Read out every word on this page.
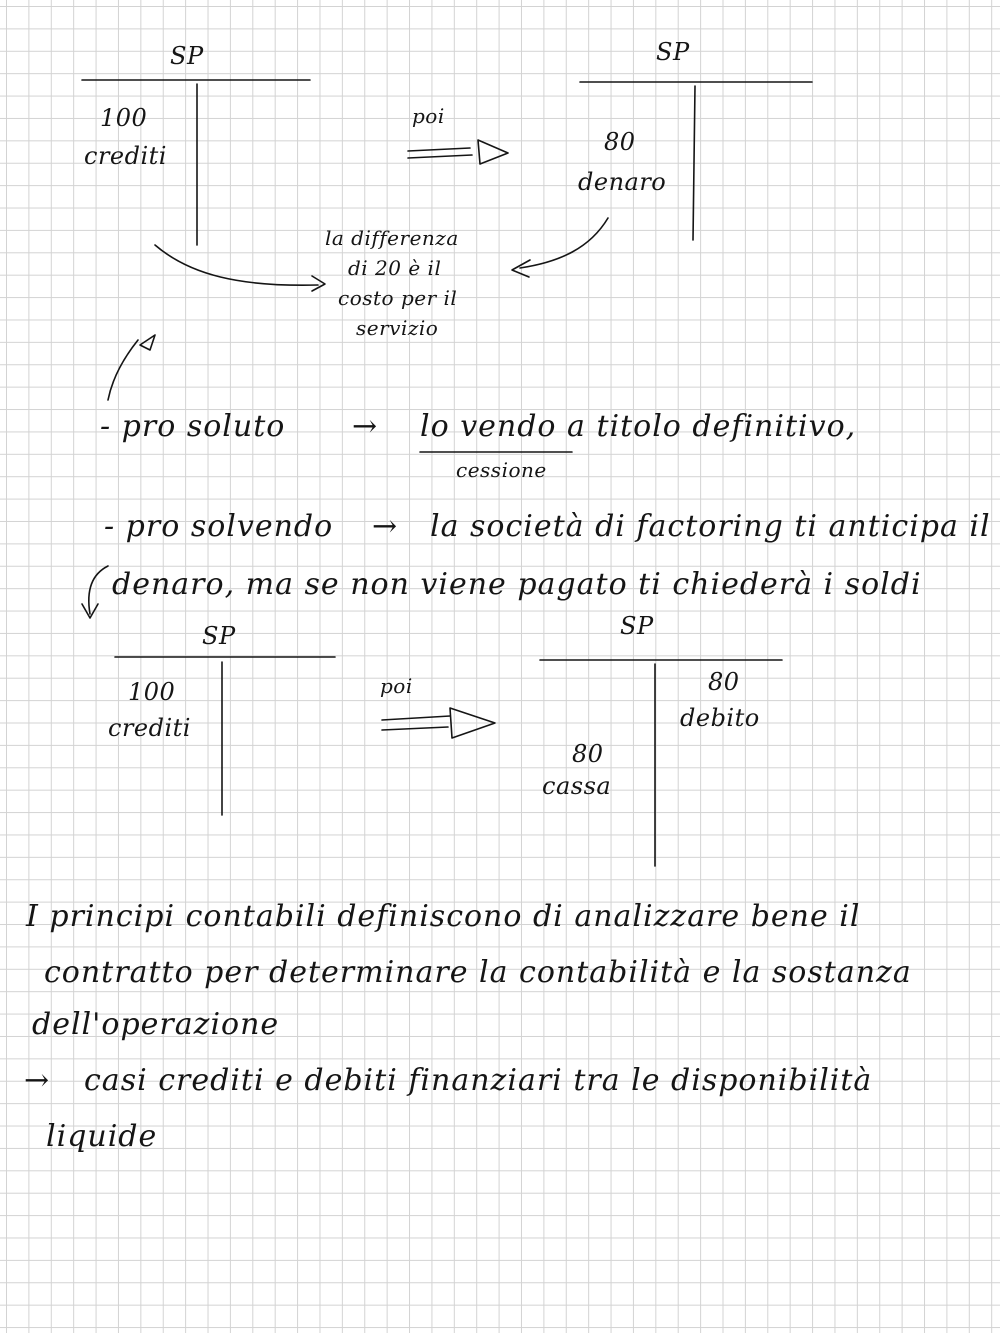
SP
100
crediti
poi
SP
80
denaro
la differenza
di 20 è il
costo per il
servizio
- pro soluto → lo vendo a titolo definitivo,
cessione
- pro solvendo → la società di factoring ti anticipa il
denaro, ma se non viene pagato ti chiederà i soldi
SP
100
crediti
poi
SP
80
debito
80
cassa
I principi contabili definiscono di analizzare bene il
contratto per determinare la contabilità e la sostanza
dell'operazione
→ casi crediti e debiti finanziari tra le disponibilità
liquide
